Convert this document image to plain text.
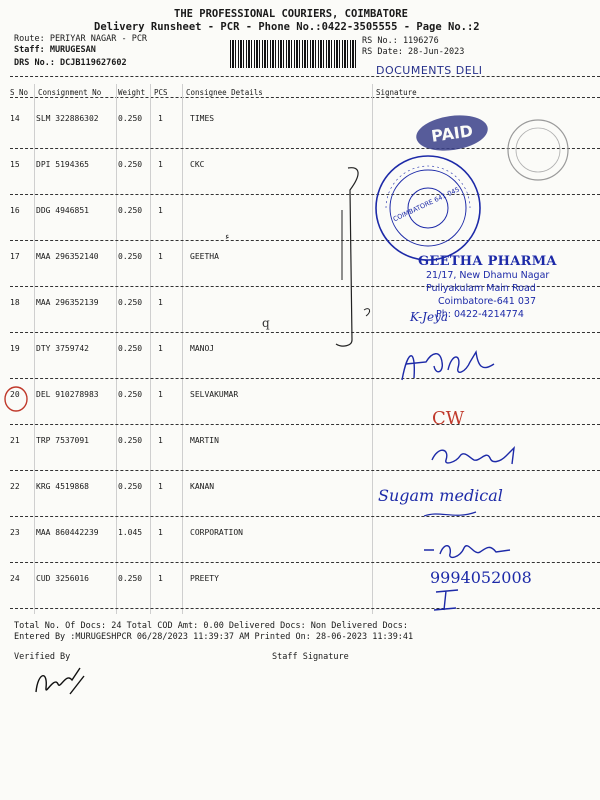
THE PROFESSIONAL COURIERS, COIMBATORE
Delivery Runsheet - PCR - Phone No.:0422-3505555 - Page No.:2
Route: PERIYAR NAGAR - PCR
Staff: MURUGESAN
DRS No.: DCJB119627602
RS No.: 1196276
RS Date: 28-Jun-2023
DOCUMENTS DELI
S No Consignment No Weight PCS Consignee Details	Signature
14 SLM 322886302 0.250 1	TIMES
15 DPI 5194365	0.250 1	CKC
16 DDG 4946851	0.250 1
17 MAA 296352140 0.250 1	GEETHA
18 MAA 296352139 0.250 1
19 DTY 3759742	0.250 1	MANOJ
20 DEL 910278983 0.250 1	SELVAKUMAR
21 TRP 7537091	0.250 1	MARTIN
22 KRG 4519868	0.250 1	KANAN
23 MAA 860442239 1.045 1	CORPORATION
24 CUD 3256016	0.250 1	PREETY
Total No. Of Docs: 24 Total COD Amt: 0.00 Delivered Docs: Non Delivered Docs:
Entered By :MURUGESHPCR 06/28/2023 11:39:37 AM Printed On: 28-06-2023 11:39:41
Verified By	Staff Signature
ء
q
PAID
COIMBATORE 641 045
GEETHA PHARMA
21/17, New Dhamu Nagar
Puliyakulam Main Road
Coimbatore-641 037
Ph: 0422-4214774
K-Jeya
CW
Sugam medical
9994052008
